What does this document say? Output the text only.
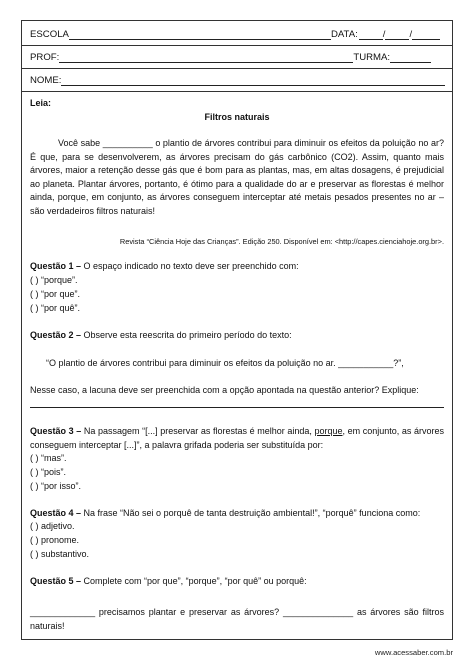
ESCOLA	DATA:	/	/
PROF:	TURMA:
NOME:
Leia:
Filtros naturais
Você sabe __________ o plantio de árvores contribui para diminuir os efeitos da poluição no ar? É que, para se desenvolverem, as árvores precisam do gás carbônico (CO2). Assim, quanto mais árvores, maior a retenção desse gás que é bom para as plantas, mas, em altas dosagens, é prejudicial ao planeta. Plantar árvores, portanto, é ótimo para a qualidade do ar e preservar as florestas é melhor ainda, porque, em conjunto, as árvores conseguem interceptar até metais pesados presentes no ar – são verdadeiros filtros naturais!
Revista “Ciência Hoje das Crianças”. Edição 250. Disponível em: <http://capes.cienciahoje.org.br>.
Questão 1 – O espaço indicado no texto deve ser preenchido com:
( ) “porque”.
( ) “por que”.
( ) “por quê”.
Questão 2 – Observe esta reescrita do primeiro período do texto:
“O plantio de árvores contribui para diminuir os efeitos da poluição no ar. ___________?”,
Nesse caso, a lacuna deve ser preenchida com a opção apontada na questão anterior? Explique:
Questão 3 – Na passagem “[...] preservar as florestas é melhor ainda, porque, em conjunto, as árvores conseguem interceptar [...]”, a palavra grifada poderia ser substituída por:
( ) “mas”.
( ) “pois”.
( ) “por isso”.
Questão 4 – Na frase “Não sei o porquê de tanta destruição ambiental!”, “porquê” funciona como:
( ) adjetivo.
( ) pronome.
( ) substantivo.
Questão 5 – Complete com “por que”, “porque”, “por quê” ou porquê:
_____________ precisamos plantar e preservar as árvores? ______________ as árvores são filtros naturais!
www.acessaber.com.br
